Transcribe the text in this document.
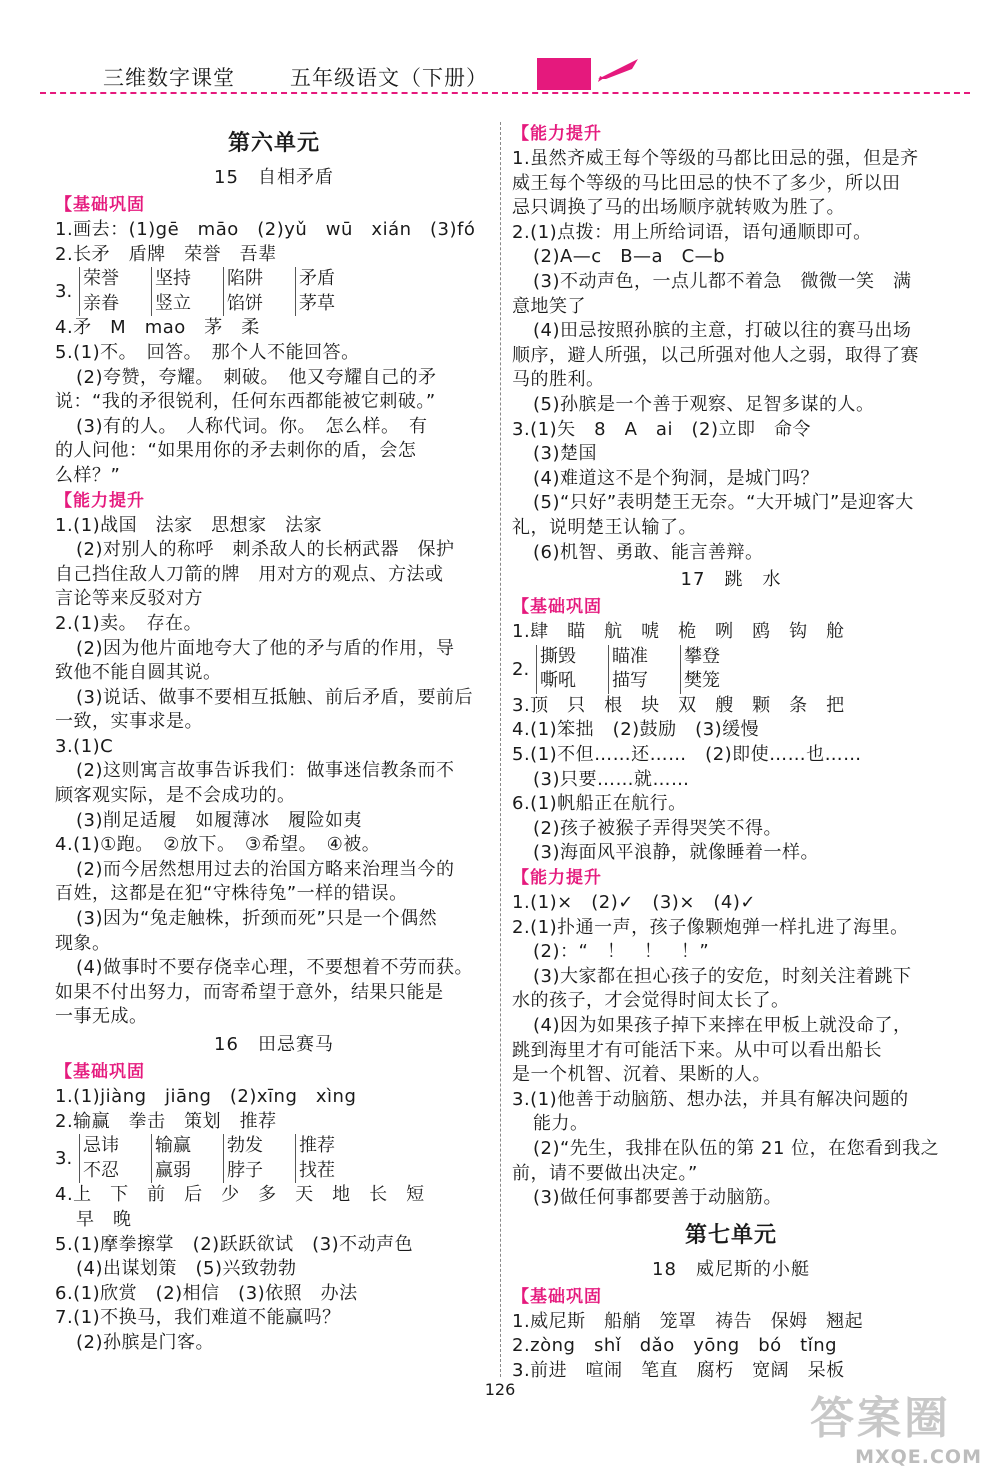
三维数字课堂	五年级语文（下册）
第六单元
15　自相矛盾
【基础巩固
1.画去：(1)gē　māo　(2)yǔ　wū　xián　(3)fó
2.长矛　盾牌　荣誉　吾辈
3.
荣誉	坚持	陷阱	矛盾
亲眷	竖立	馅饼	茅草
4.矛　M　mao　茅　柔
5.(1)不。　回答。　那个人不能回答。
(2)夸赞，夸耀。　刺破。　他又夸耀自己的矛
说：“我的矛很锐利，任何东西都能被它刺破。”
(3)有的人。　人称代词。你。　怎么样。　有
的人问他：“如果用你的矛去刺你的盾，会怎
么样？”
【能力提升
1.(1)战国　法家　思想家　法家
(2)对别人的称呼　刺杀敌人的长柄武器　保护
自己挡住敌人刀箭的牌　用对方的观点、方法或
言论等来反驳对方
2.(1)卖。　存在。
(2)因为他片面地夸大了他的矛与盾的作用，导
致他不能自圆其说。
(3)说话、做事不要相互抵触、前后矛盾，要前后
一致，实事求是。
3.(1)C
(2)这则寓言故事告诉我们：做事迷信教条而不
顾客观实际，是不会成功的。
(3)削足适履　如履薄冰　履险如夷
4.(1)①跑。　②放下。　③希望。　④被。
(2)而今居然想用过去的治国方略来治理当今的
百姓，这都是在犯“守株待兔”一样的错误。
(3)因为“兔走触株，折颈而死”只是一个偶然
现象。
(4)做事时不要存侥幸心理，不要想着不劳而获。
如果不付出努力，而寄希望于意外，结果只能是
一事无成。
16　田忌赛马
【基础巩固
1.(1)jiàng　jiāng　(2)xīng　xìng
2.输赢　拳击　策划　推荐
3.
忌讳	输赢	勃发	推荐
不忍	赢弱	脖子	找茬
4.上　下　前　后　少　多　天　地　长　短
早　晚
5.(1)摩拳擦掌　(2)跃跃欲试　(3)不动声色
(4)出谋划策　(5)兴致勃勃
6.(1)欣赏　(2)相信　(3)依照　办法
7.(1)不换马，我们难道不能赢吗？
(2)孙膑是门客。
【能力提升
1.虽然齐威王每个等级的马都比田忌的强，但是齐
威王每个等级的马比田忌的快不了多少，所以田
忌只调换了马的出场顺序就转败为胜了。
2.(1)点拨：用上所给词语，语句通顺即可。
(2)A—c　B—a　C—b
(3)不动声色，一点儿都不着急　微微一笑　满
意地笑了
(4)田忌按照孙膑的主意，打破以往的赛马出场
顺序，避人所强，以己所强对他人之弱，取得了赛
马的胜利。
(5)孙膑是一个善于观察、足智多谋的人。
3.(1)矢　8　A　ai　(2)立即　命令
(3)楚国
(4)难道这不是个狗洞，是城门吗？
(5)“只好”表明楚王无奈。“大开城门”是迎客大
礼，说明楚王认输了。
(6)机智、勇敢、能言善辩。
17　跳　水
【基础巩固
1.肆　瞄　航　唬　桅　咧　鸥　钩　舱
2.
撕毁	瞄准	攀登
嘶吼	描写	樊笼
3.顶　只　根　块　双　艘　颗　条　把
4.(1)笨拙　(2)鼓励　(3)缓慢
5.(1)不但……还……　(2)即使……也……
(3)只要……就……
6.(1)帆船正在航行。
(2)孩子被猴子弄得哭笑不得。
(3)海面风平浪静，就像睡着一样。
【能力提升
1.(1)×　(2)✓　(3)×　(4)✓
2.(1)扑通一声，孩子像颗炮弹一样扎进了海里。
(2)：“　！　！　！”
(3)大家都在担心孩子的安危，时刻关注着跳下
水的孩子，才会觉得时间太长了。
(4)因为如果孩子掉下来摔在甲板上就没命了，
跳到海里才有可能活下来。从中可以看出船长
是一个机智、沉着、果断的人。
3.(1)他善于动脑筋、想办法，并具有解决问题的
能力。
(2)“先生，我排在队伍的第 21 位，在您看到我之
前，请不要做出决定。”
(3)做任何事都要善于动脑筋。
第七单元
18　威尼斯的小艇
【基础巩固
1.威尼斯　船艄　笼罩　祷告　保姆　翘起
2.zòng　shǐ　dǎo　yōng　bó　tǐng
3.前进　喧闹　笔直　腐朽　宽阔　呆板
126
答案圈
MXQE.COM
